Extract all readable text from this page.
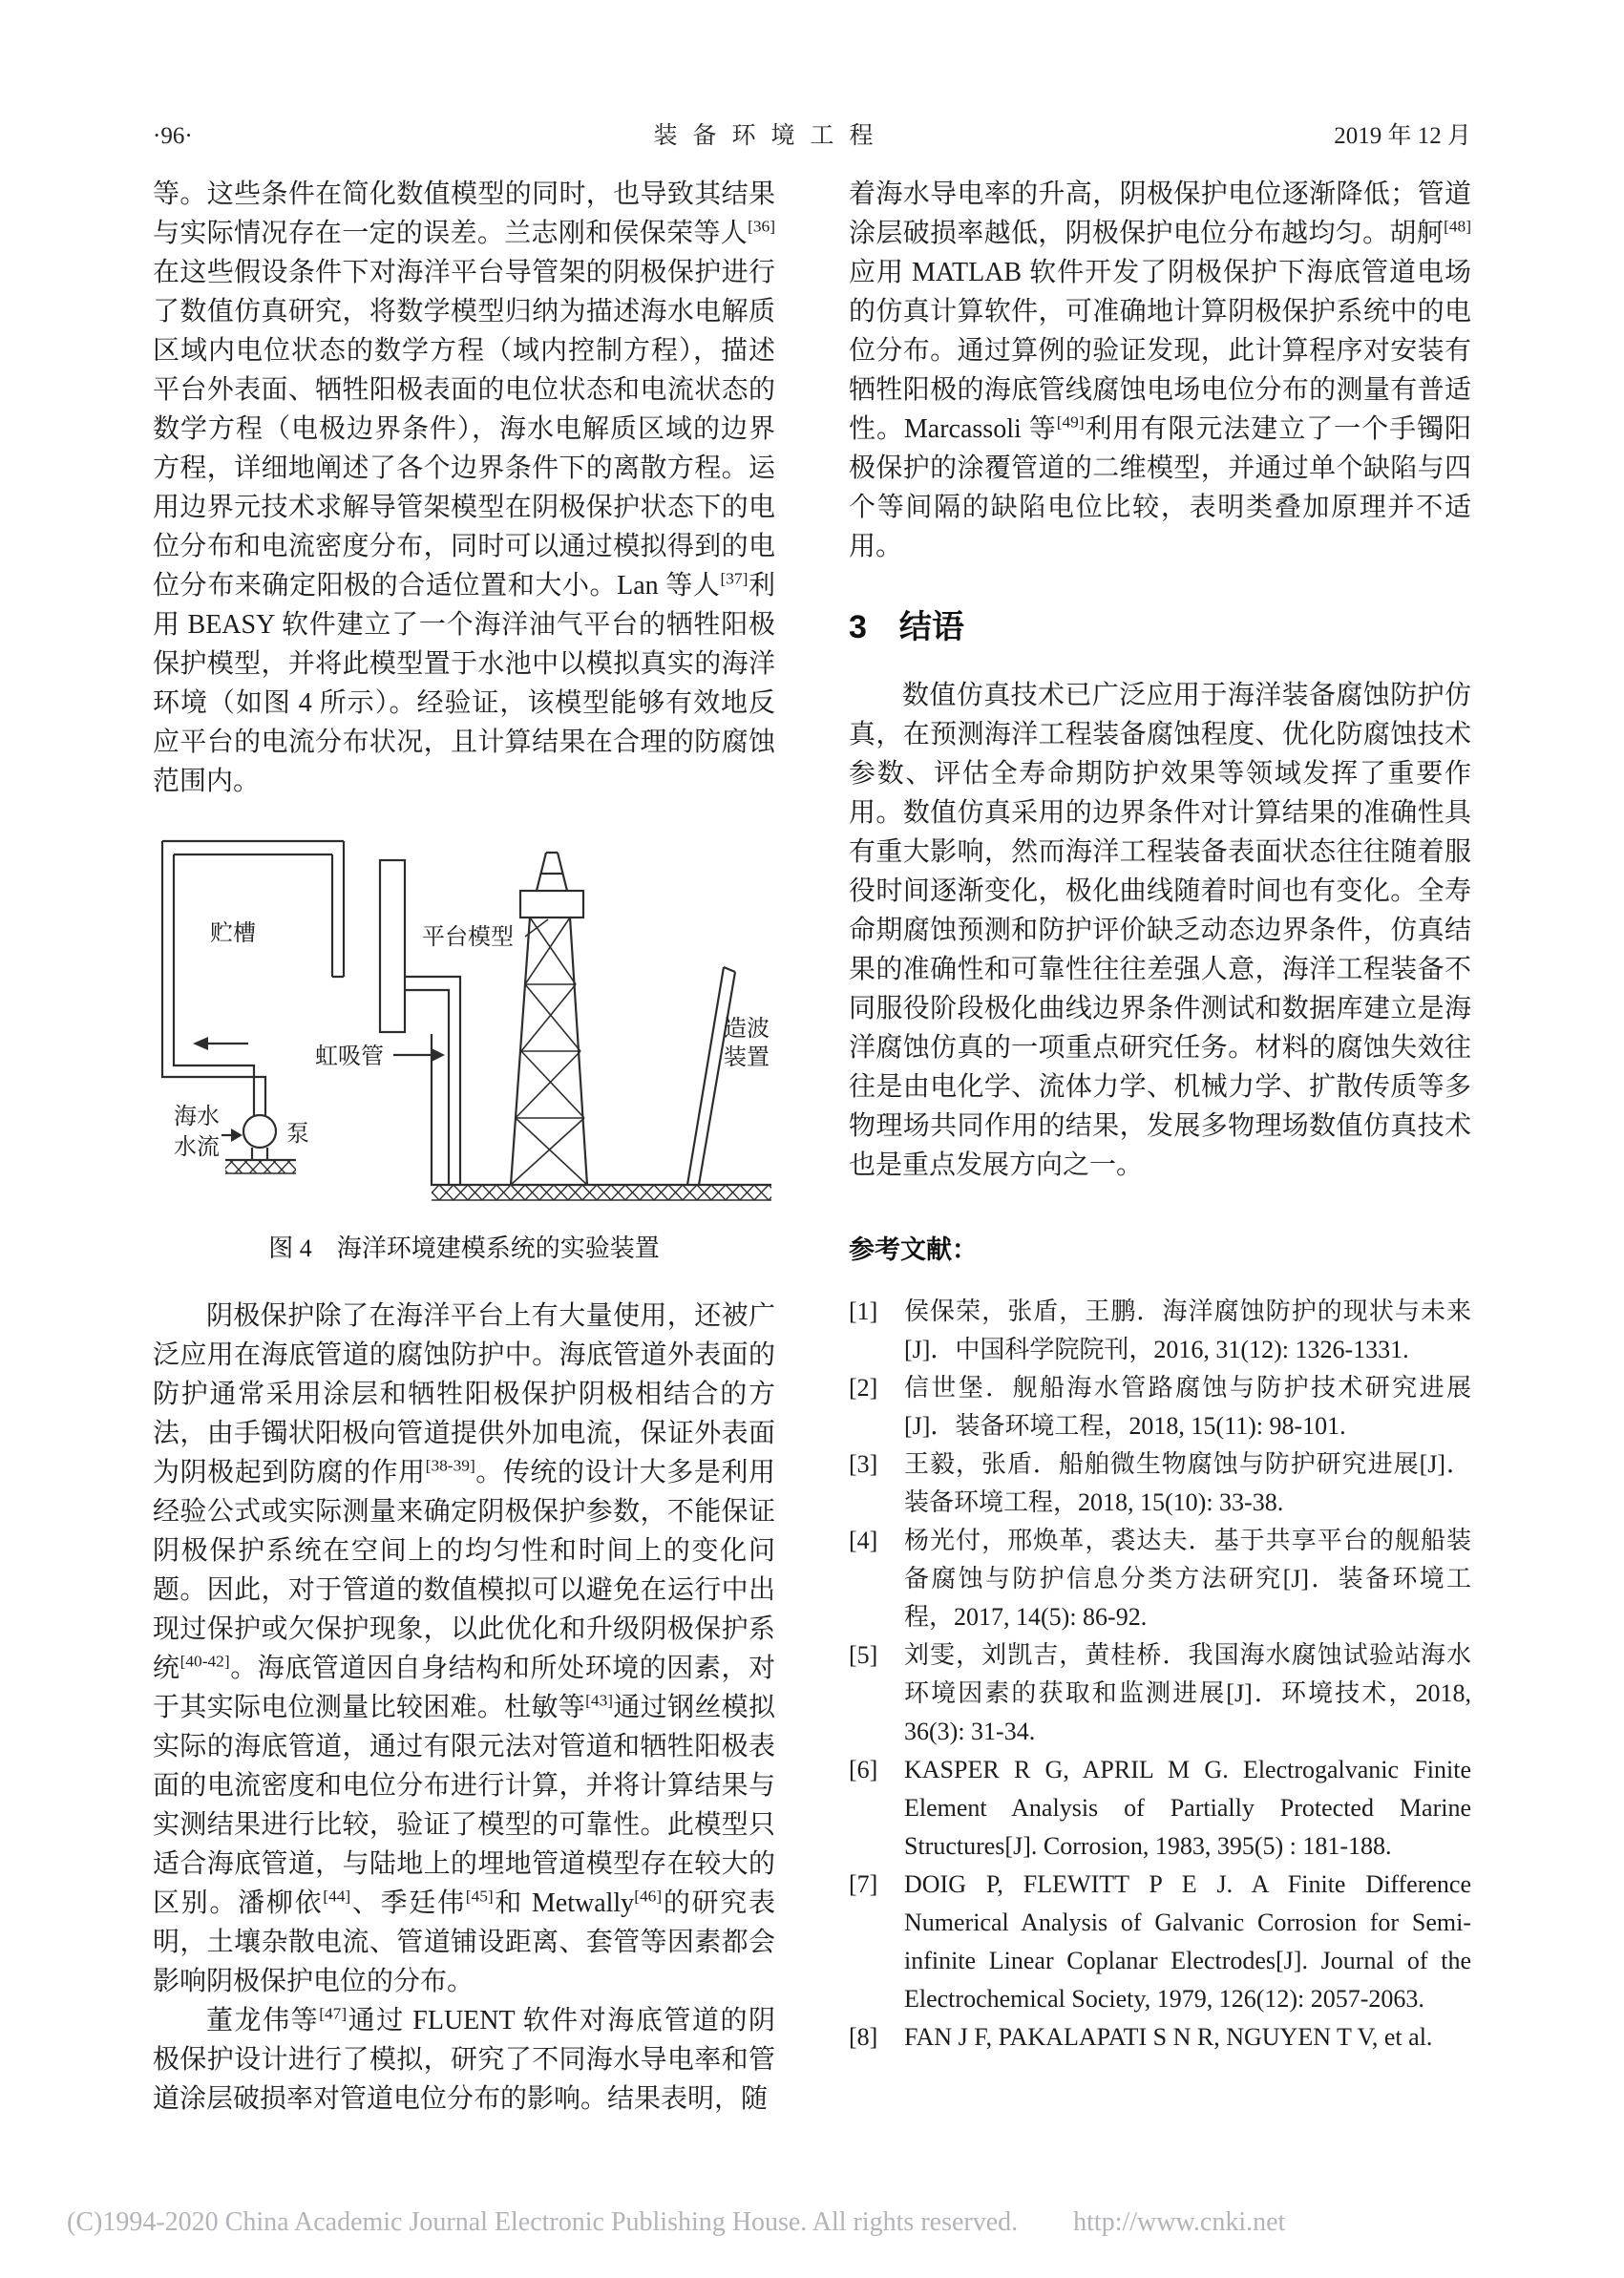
·96·	装备环境工程	2019 年 12 月

等。这些条件在简化数值模型的同时，也导致其结果与实际情况存在一定的误差。兰志刚和侯保荣等人[36]在这些假设条件下对海洋平台导管架的阴极保护进行了数值仿真研究，将数学模型归纳为描述海水电解质区域内电位状态的数学方程（域内控制方程），描述平台外表面、牺牲阳极表面的电位状态和电流状态的数学方程（电极边界条件），海水电解质区域的边界方程，详细地阐述了各个边界条件下的离散方程。运用边界元技术求解导管架模型在阴极保护状态下的电位分布和电流密度分布，同时可以通过模拟得到的电位分布来确定阳极的合适位置和大小。Lan 等人[37]利用 BEASY 软件建立了一个海洋油气平台的牺牲阳极保护模型，并将此模型置于水池中以模拟真实的海洋环境（如图 4 所示）。经验证，该模型能够有效地反应平台的电流分布状况，且计算结果在合理的防腐蚀范围内。

贮槽	平台模型
虹吸管
海水
水流
泵
造波
装置
图 4　海洋环境建模系统的实验装置

阴极保护除了在海洋平台上有大量使用，还被广泛应用在海底管道的腐蚀防护中。海底管道外表面的防护通常采用涂层和牺牲阳极保护阴极相结合的方法，由手镯状阳极向管道提供外加电流，保证外表面为阴极起到防腐的作用[38-39]。传统的设计大多是利用经验公式或实际测量来确定阴极保护参数，不能保证阴极保护系统在空间上的均匀性和时间上的变化问题。因此，对于管道的数值模拟可以避免在运行中出现过保护或欠保护现象，以此优化和升级阴极保护系统[40-42]。海底管道因自身结构和所处环境的因素，对于其实际电位测量比较困难。杜敏等[43]通过钢丝模拟实际的海底管道，通过有限元法对管道和牺牲阳极表面的电流密度和电位分布进行计算，并将计算结果与实测结果进行比较，验证了模型的可靠性。此模型只适合海底管道，与陆地上的埋地管道模型存在较大的区别。潘柳依[44]、季廷伟[45]和 Metwally[46]的研究表明，土壤杂散电流、管道铺设距离、套管等因素都会影响阴极保护电位的分布。

董龙伟等[47]通过 FLUENT 软件对海底管道的阴极保护设计进行了模拟，研究了不同海水导电率和管道涂层破损率对管道电位分布的影响。结果表明，随

着海水导电率的升高，阴极保护电位逐渐降低；管道涂层破损率越低，阴极保护电位分布越均匀。胡舸[48]应用 MATLAB 软件开发了阴极保护下海底管道电场的仿真计算软件，可准确地计算阴极保护系统中的电位分布。通过算例的验证发现，此计算程序对安装有牺牲阳极的海底管线腐蚀电场电位分布的测量有普适性。Marcassoli 等[49]利用有限元法建立了一个手镯阳极保护的涂覆管道的二维模型，并通过单个缺陷与四个等间隔的缺陷电位比较，表明类叠加原理并不适用。

3　结语

数值仿真技术已广泛应用于海洋装备腐蚀防护仿真，在预测海洋工程装备腐蚀程度、优化防腐蚀技术参数、评估全寿命期防护效果等领域发挥了重要作用。数值仿真采用的边界条件对计算结果的准确性具有重大影响，然而海洋工程装备表面状态往往随着服役时间逐渐变化，极化曲线随着时间也有变化。全寿命期腐蚀预测和防护评价缺乏动态边界条件，仿真结果的准确性和可靠性往往差强人意，海洋工程装备不同服役阶段极化曲线边界条件测试和数据库建立是海洋腐蚀仿真的一项重点研究任务。材料的腐蚀失效往往是由电化学、流体力学、机械力学、扩散传质等多物理场共同作用的结果，发展多物理场数值仿真技术也是重点发展方向之一。

参考文献：
[1]	侯保荣，张盾，王鹏．海洋腐蚀防护的现状与未来[J]．中国科学院院刊，2016, 31(12): 1326-1331.
[2]	信世堡．舰船海水管路腐蚀与防护技术研究进展[J]．装备环境工程，2018, 15(11): 98-101.
[3]	王毅，张盾．船舶微生物腐蚀与防护研究进展[J]．装备环境工程，2018, 15(10): 33-38.
[4]	杨光付，邢焕革，裘达夫．基于共享平台的舰船装备腐蚀与防护信息分类方法研究[J]．装备环境工程，2017, 14(5): 86-92.
[5]	刘雯，刘凯吉，黄桂桥．我国海水腐蚀试验站海水环境因素的获取和监测进展[J]．环境技术，2018, 36(3): 31-34.
[6]	KASPER R G, APRIL M G. Electrogalvanic Finite Element Analysis of Partially Protected Marine Structures[J]. Corrosion, 1983, 395(5) : 181-188.
[7]	DOIG P, FLEWITT P E J. A Finite Difference Numerical Analysis of Galvanic Corrosion for Semi-infinite Linear Coplanar Electrodes[J]. Journal of the Electrochemical Society, 1979, 126(12): 2057-2063.
[8]	FAN J F, PAKALAPATI S N R, NGUYEN T V, et al.
(C)1994-2020 China Academic Journal Electronic Publishing House. All rights reserved. http://www.cnki.net
